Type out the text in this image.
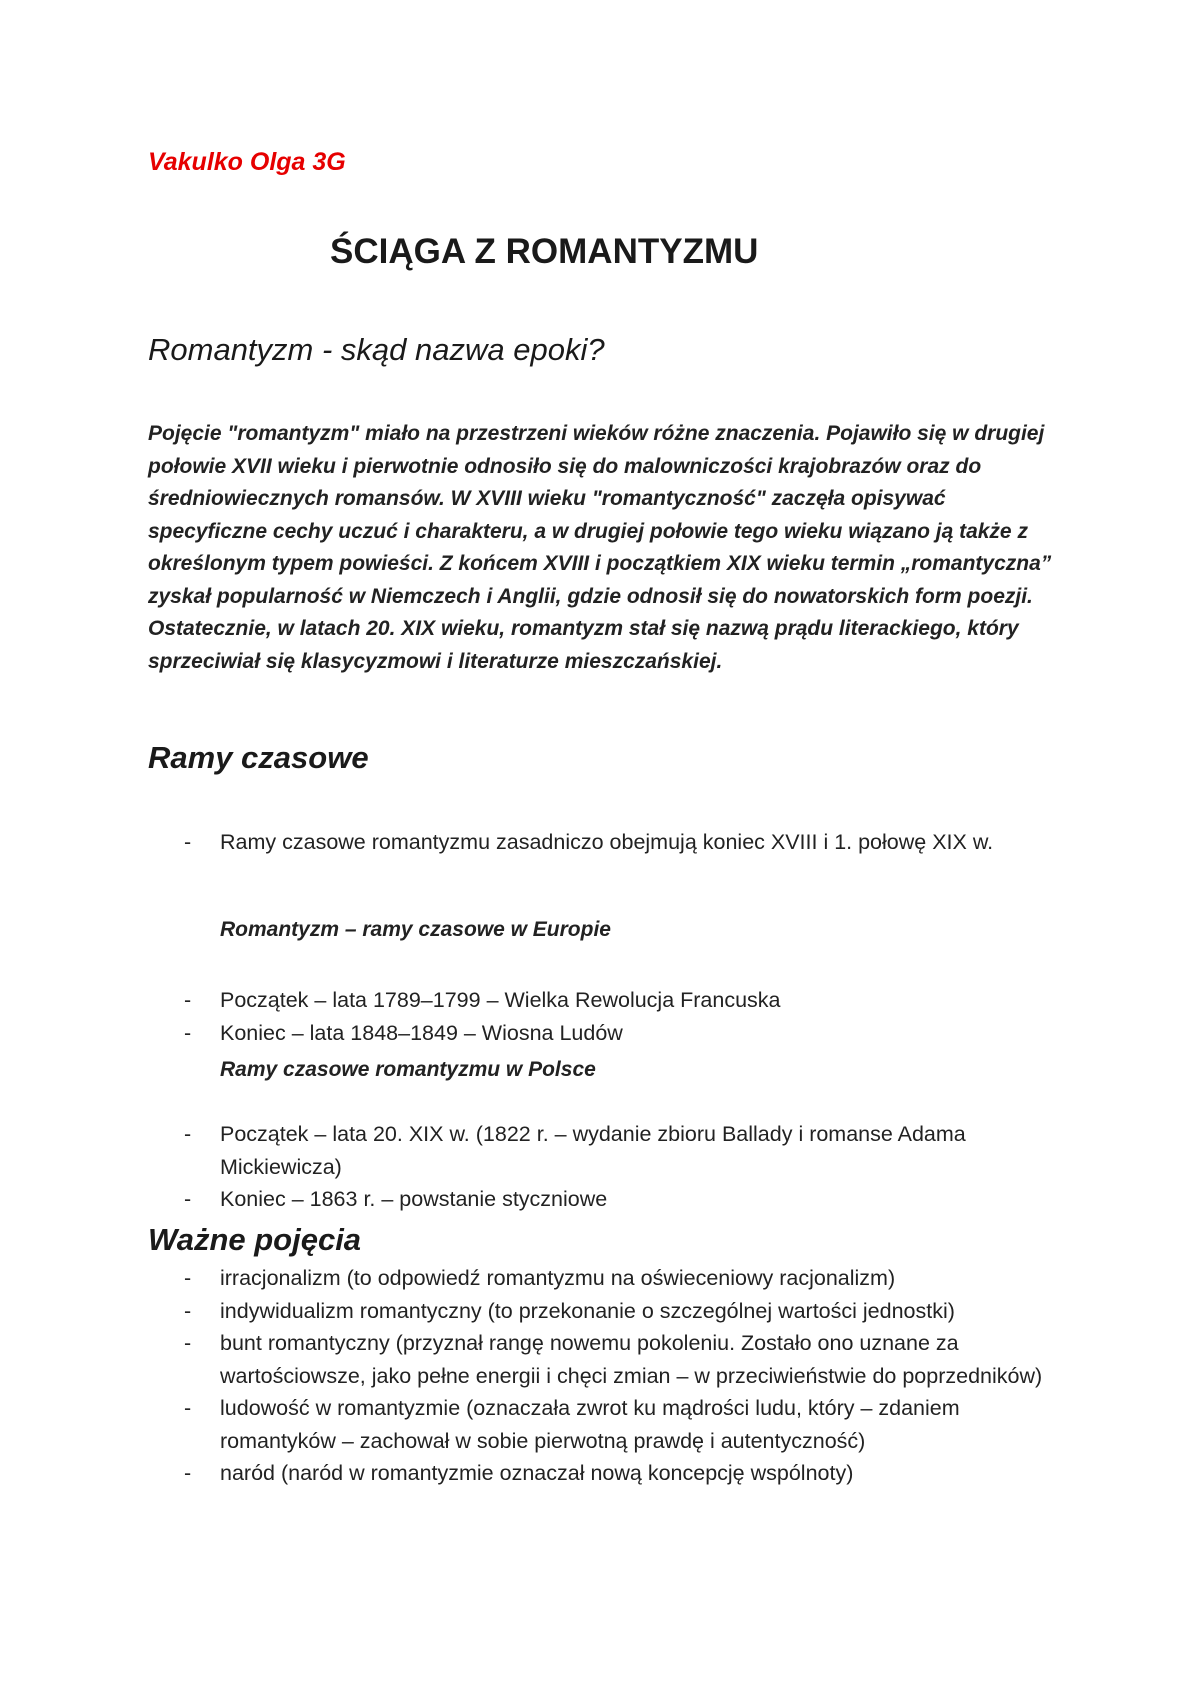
Vakulko Olga 3G

ŚCIĄGA Z ROMANTYZMU
Romantyzm - skąd nazwa epoki?

Pojęcie "romantyzm" miało na przestrzeni wieków różne znaczenia. Pojawiło się w drugiej połowie XVII wieku i pierwotnie odnosiło się do malowniczości krajobrazów oraz do średniowiecznych romansów. W XVIII wieku "romantyczność" zaczęła opisywać specyficzne cechy uczuć i charakteru, a w drugiej połowie tego wieku wiązano ją także z określonym typem powieści. Z końcem XVIII i początkiem XIX wieku termin „romantyczna” zyskał popularność w Niemczech i Anglii, gdzie odnosił się do nowatorskich form poezji. Ostatecznie, w latach 20. XIX wieku, romantyzm stał się nazwą prądu literackiego, który sprzeciwiał się klasycyzmowi i literaturze mieszczańskiej.

Ramy czasowe
- Ramy czasowe romantyzmu zasadniczo obejmują koniec XVIII i 1. połowę XIX w.

Romantyzm – ramy czasowe w Europie

- Początek – lata 1789–1799 – Wielka Rewolucja Francuska
- Koniec – lata 1848–1849 – Wiosna Ludów

Ramy czasowe romantyzmu w Polsce

- Początek – lata 20. XIX w. (1822 r. – wydanie zbioru Ballady i romanse Adama Mickiewicza)
- Koniec – 1863 r. – powstanie styczniowe
Ważne pojęcia
- irracjonalizm (to odpowiedź romantyzmu na oświeceniowy racjonalizm)
- indywidualizm romantyczny (to przekonanie o szczególnej wartości jednostki)
- bunt romantyczny (przyznał rangę nowemu pokoleniu. Zostało ono uznane za wartościowsze, jako pełne energii i chęci zmian – w przeciwieństwie do poprzedników)
- ludowość w romantyzmie (oznaczała zwrot ku mądrości ludu, który – zdaniem romantyków – zachował w sobie pierwotną prawdę i autentyczność)
- naród (naród w romantyzmie oznaczał nową koncepcję wspólnoty)
